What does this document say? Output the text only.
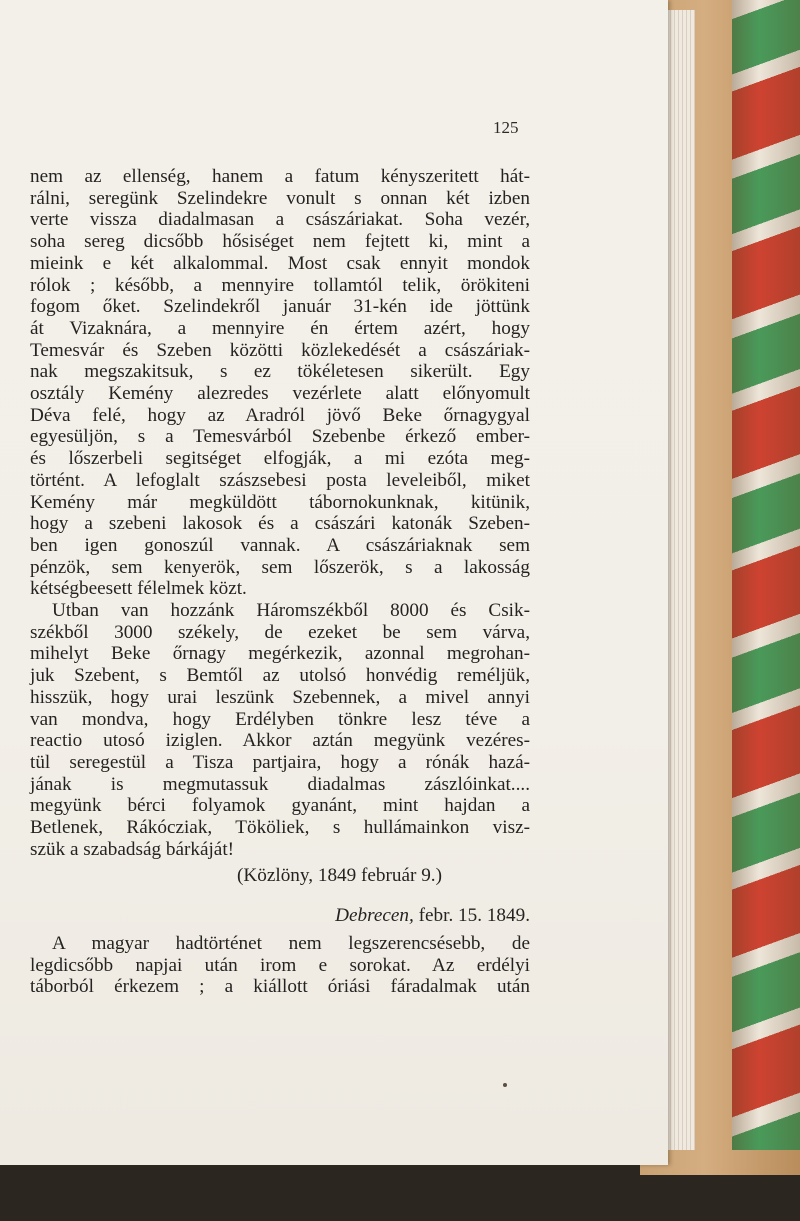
125

nem az ellenség, hanem a fatum kényszeritett hát-
rálni, seregünk Szelindekre vonult s onnan két izben
verte vissza diadalmasan a császáriakat. Soha vezér,
soha sereg dicsőbb hősiséget nem fejtett ki, mint a
mieink e két alkalommal. Most csak ennyit mondok
rólok ; később, a mennyire tollamtól telik, örökiteni
fogom őket. Szelindekről január 31-kén ide jöttünk
át Vizaknára, a mennyire én értem azért, hogy
Temesvár és Szeben közötti közlekedését a császáriak-
nak megszakitsuk, s ez tökéletesen sikerült. Egy
osztály Kemény alezredes vezérlete alatt előnyomult
Déva felé, hogy az Aradról jövő Beke őrnagygyal
egyesüljön, s a Temesvárból Szebenbe érkező ember-
és lőszerbeli segitséget elfogják, a mi ezóta meg-
történt. A lefoglalt szászsebesi posta leveleiből, miket
Kemény már megküldött tábornokunknak, kitünik,
hogy a szebeni lakosok és a császári katonák Szeben-
ben igen gonoszúl vannak. A császáriaknak sem
pénzök, sem kenyerök, sem lőszerök, s a lakosság
kétségbeesett félelmek közt.

Utban van hozzánk Háromszékből 8000 és Csik-
székből 3000 székely, de ezeket be sem várva,
mihelyt Beke őrnagy megérkezik, azonnal megrohan-
juk Szebent, s Bemtől az utolsó honvédig reméljük,
hisszük, hogy urai leszünk Szebennek, a mivel annyi
van mondva, hogy Erdélyben tönkre lesz téve a
reactio utosó iziglen. Akkor aztán megyünk vezéres-
tül seregestül a Tisza partjaira, hogy a rónák hazá-
jának is megmutassuk diadalmas zászlóinkat....
megyünk bérci folyamok gyanánt, mint hajdan a
Betlenek, Rákócziak, Tököliek, s hullámainkon visz-
szük a szabadság bárkáját!

(Közlöny, 1849 február 9.)
Debrecen, febr. 15. 1849.

A magyar hadtörténet nem legszerencsésebb, de
legdicsőbb napjai után irom e sorokat. Az erdélyi
táborból érkezem ; a kiállott óriási fáradalmak után
